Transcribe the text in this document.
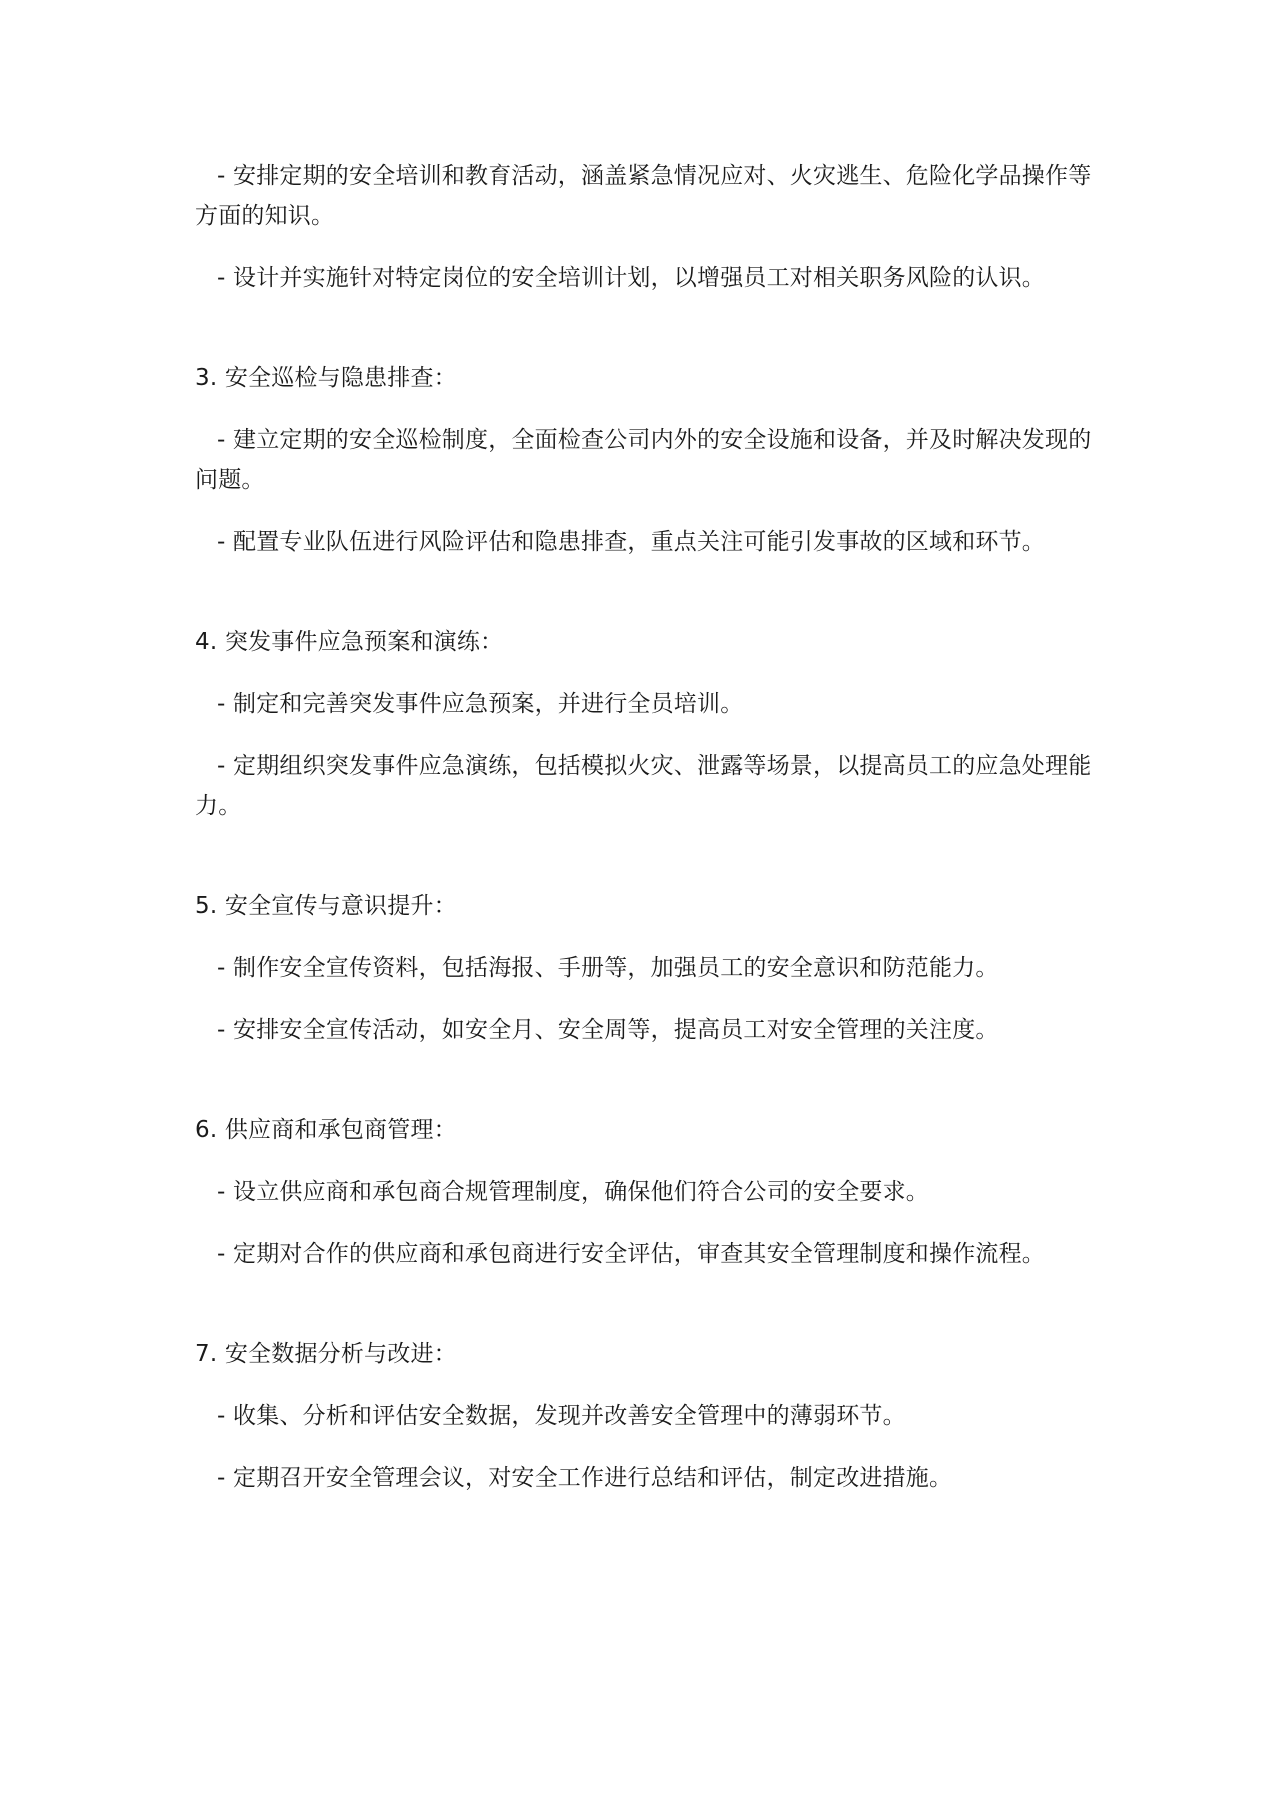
- 安排定期的安全培训和教育活动，涵盖紧急情况应对、火灾逃生、危险化学品操作等方面的知识。

- 设计并实施针对特定岗位的安全培训计划，以增强员工对相关职务风险的认识。

3. 安全巡检与隐患排查：

- 建立定期的安全巡检制度，全面检查公司内外的安全设施和设备，并及时解决发现的问题。

- 配置专业队伍进行风险评估和隐患排查，重点关注可能引发事故的区域和环节。

4. 突发事件应急预案和演练：

- 制定和完善突发事件应急预案，并进行全员培训。

- 定期组织突发事件应急演练，包括模拟火灾、泄露等场景，以提高员工的应急处理能力。

5. 安全宣传与意识提升：

- 制作安全宣传资料，包括海报、手册等，加强员工的安全意识和防范能力。

- 安排安全宣传活动，如安全月、安全周等，提高员工对安全管理的关注度。

6. 供应商和承包商管理：

- 设立供应商和承包商合规管理制度，确保他们符合公司的安全要求。

- 定期对合作的供应商和承包商进行安全评估，审查其安全管理制度和操作流程。

7. 安全数据分析与改进：

- 收集、分析和评估安全数据，发现并改善安全管理中的薄弱环节。

- 定期召开安全管理会议，对安全工作进行总结和评估，制定改进措施。
